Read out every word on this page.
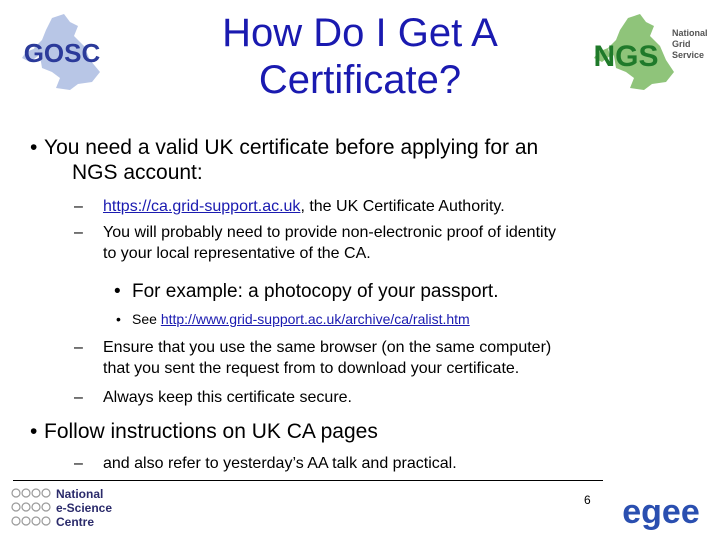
How Do I Get A
Certificate?
GOSC	NGS
National
Grid
Service
• You need a valid UK certificate before applying for an
NGS account:
– https://ca.grid-support.ac.uk, the UK Certificate Authority.
– You will probably need to provide non-electronic proof of identity
to your local representative of the CA.
• For example: a photocopy of your passport.
• See http://www.grid-support.ac.uk/archive/ca/ralist.htm
– Ensure that you use the same browser (on the same computer)
that you sent the request from to download your certificate.
– Always keep this certificate secure.
• Follow instructions on UK CA pages
– and also refer to yesterday’s AA talk and practical.
National
e-Science
Centre
6 egee
